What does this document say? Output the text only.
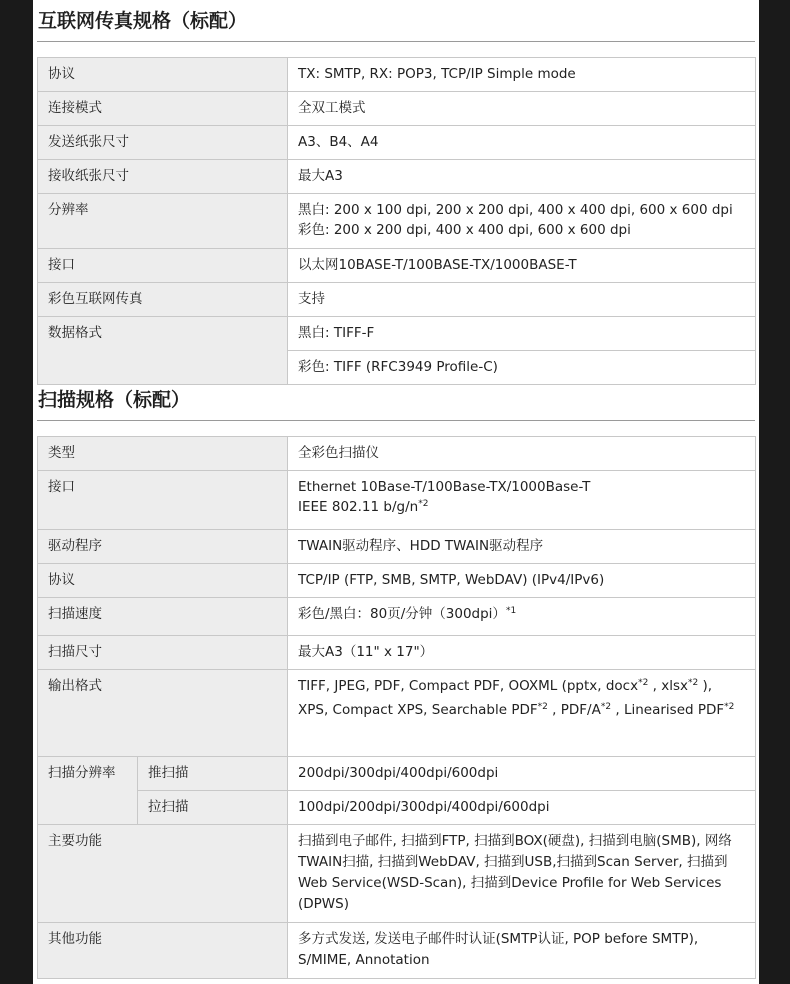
互联网传真规格（标配）
协议	TX: SMTP, RX: POP3, TCP/IP Simple mode
连接模式	全双工模式
发送纸张尺寸	A3、B4、A4
接收纸张尺寸	最大A3
分辨率	黑白: 200 x 100 dpi, 200 x 200 dpi, 400 x 400 dpi, 600 x 600 dpi
彩色: 200 x 200 dpi, 400 x 400 dpi, 600 x 600 dpi

接口	以太网10BASE-T/100BASE-TX/1000BASE-T
彩色互联网传真	支持
数据格式	黑白: TIFF-F
	彩色: TIFF (RFC3949 Profile-C)
扫描规格（标配）
类型		全彩色扫描仪
接口		Ethernet 10Base-T/100Base-TX/1000Base-T
IEEE 802.11 $b/g/n^{*2}$

驱动程序		TWAIN驱动程序、HDD TWAIN驱动程序
协议		TCP/IP (FTP, SMB, SMTP, WebDAV) (IPv4/IPv6)
扫描速度		彩色/黑白：80页/分钟$(300dpi)^{*1}$
扫描尺寸		最大A3（11" x 17"）
输出格式		TIFF, JPEG, PDF, Compact PDF, OOXML (pptx, docx$^{*2}$ , xlsx$^{*2}$ ), XPS, Compact XPS, Searchable PDF$^{*2}$ , PDF/$A^{*2}$ , Linearised PDF$^{*2}$
扫描分辨率	推扫描	200dpi/300dpi/400dpi/600dpi
	拉扫描	100dpi/200dpi/300dpi/400dpi/600dpi
主要功能		扫描到电子邮件, 扫描到FTP, 扫描到BOX(硬盘), 扫描到电脑(SMB), 网络TWAIN扫描, 扫描到WebDAV, 扫描到USB,扫描到Scan Server, 扫描到Web Service(WSD-Scan), 扫描到Device Profile for Web Services (DPWS)
其他功能		多方式发送, 发送电子邮件时认证(SMTP认证, POP before SMTP), S/MIME, Annotation
